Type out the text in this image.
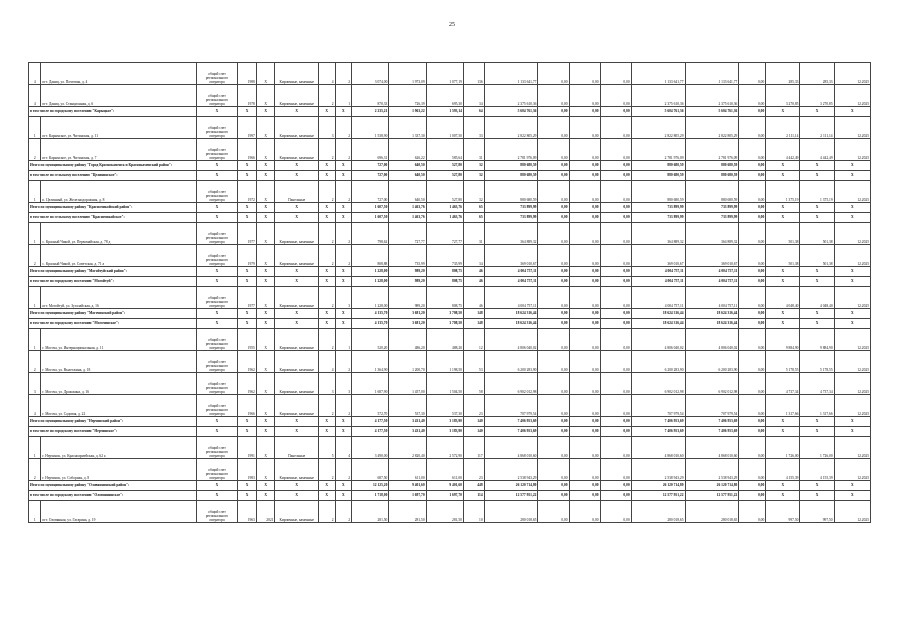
25
4	пгт. Даниц, ул. Почтовая, д. 4	общий счет регионального оператора	1988	X	Кирпичные, каменные	4	2	3 074,00	1 973,09	1 077,19	136	1 133 641,77	0,00	0,00	0,00	1 133 641,77	1 133 641,77	0,00	285,33	285,33	12.2025
4	пгт. Даниц, ул. Станционная, д. 6	общий счет регионального оператора	1978	X	Кирпичные, каменные	2	1	870,33	726,39	695,30	34	2 375 610,36	0,00	0,00	0,00	2 375 610,36	2 375 610,36	0,00	3 270,85	3 270,85	12.2025
в том числе по городскому поселению "Карыцкое":		X	X	X	X	X	X	2 235,21	1 963,22	1 593,14	64	5 604 761,36	0,00	0,00	0,00	5 604 761,36	5 604 761,36	0,00	X	X	X
1	пгт. Карымское, ул. Читинская, д. 11	общий счет регионального оператора	1997	X	Кирпичные, каменные	3	2	1 538,90	1 337,30	1 007,50	33	2 822 805,29	0,00	0,00	0,00	2 822 805,29	2 822 805,29	0,00	2 111,14	2 111,14	12.2025
2	пгт. Карымское, ул. Читинская, д. 7	общий счет регионального оператора	1966	X	Кирпичные, каменные	2	2	696,31	626,22	585,64	31	2 781 976,09	0,00	0,00	0,00	2 781 976,09	2 781 976,09	0,00	4 442,49	4 442,49	12.2025
Итого по муниципальному району "Город Краснокаменск и Краснокаменский район":		X	X	X	X	X	X	727,00	640,50	527,80	32	880 680,59	0,00	0,00	0,00	880 680,59	880 680,59	0,00	X	X	X
в том числе по сельскому поселению "Целининское":		X	X	X	X	X	X	727,00	640,50	527,80	32	880 680,59	0,00	0,00	0,00	880 680,59	880 680,59	0,00	X	X	X
1	п. Целинный, ул. Железнодорожная, д. 8	общий счет регионального оператора	1972	X	Панельные	2	2	727,00	640,50	527,80	32	880 680,59	0,00	0,00	0,00	880 680,59	880 680,59	0,00	1 375,19	1 375,19	12.2025
Итого по муниципальному району "Красночикойский район":		X	X	X	X	X	X	1 607,50	1 463,76	1 463,76	65	733 899,99	0,00	0,00	0,00	733 899,99	733 899,99	0,00	X	X	X
в том числе по сельскому поселению "Красночикойское":		X	X	X	X	X	X	1 607,50	1 463,76	1 463,76	65	733 899,99	0,00	0,00	0,00	733 899,99	733 899,99	0,00	X	X	X
1	с. Красный Чикой, ул. Первомайская, д. 78 д	общий счет регионального оператора	1977	X	Кирпичные, каменные	2	2	798,62	727,77	727,77	31	364 889,32	0,00	0,00	0,00	364 889,32	364 889,32	0,00	501,38	501,38	12.2025
2	с. Красный Чикой, ул. Советская, д. 71 а	общий счет регионального оператора	1979	X	Кирпичные, каменные	2	2	808,88	735,99	735,99	34	369 010,67	0,00	0,00	0,00	369 010,67	369 010,67	0,00	501,38	501,38	12.2025
Итого по муниципальному району "Могойтуйский район":		X	X	X	X	X	X	1 228,00	989,20	808,75	46	4 004 757,11	0,00	0,00	0,00	4 004 757,11	4 004 757,11	0,00	X	X	X
в том числе по городскому поселению "Могойтуй":		X	X	X	X	X	X	1 228,00	989,20	808,75	46	4 004 757,11	0,00	0,00	0,00	4 004 757,11	4 004 757,11	0,00	X	X	X
1	пгт. Могойтуй, ул. Зугалайская, д. 16	общий счет регионального оператора	1977	X	Кирпичные, каменные	2	3	1 228,00	989,20	808,75	46	4 004 757,11	0,00	0,00	0,00	4 004 757,11	4 004 757,11	0,00	4 048,40	4 048,40	12.2025
Итого по муниципальному району "Могочинский район":		X	X	X	X	X	X	4 135,70	3 681,20	3 708,50	148	18 624 316,44	0,00	0,00	0,00	18 624 316,44	18 624 316,44	0,00	X	X	X
в том числе по городскому поселению "Могочинское":		X	X	X	X	X	X	4 135,70	3 681,20	3 708,50	148	18 624 316,44	0,00	0,00	0,00	18 624 316,44	18 624 316,44	0,00	X	X	X
1	г. Могоча, ул. Интернациональная, д. 11	общий счет регионального оператора	1955	X	Кирпичные, каменные	2	1	520,20	486,20	488,20	12	4 806 040,02	0,00	0,00	0,00	4 806 040,02	4 806 040,02	0,00	9 884,90	9 884,90	12.2025
2	г. Могоча, ул. Вылегжина, д. 18	общий счет регионального оператора	1962	X	Кирпичные, каменные	4	2	1 364,90	1 200,70	1 198,50	53	6 200 283,90	0,00	0,00	0,00	6 200 283,90	6 200 283,90	0,00	5 178,55	5 178,55	12.2025
3	г. Могоча, ул. Дрожжина, д. 16	общий счет регионального оператора	1962	X	Кирпичные, каменные	3	3	1 687,90	1 457,00	1 504,50	58	6 902 012,98	0,00	0,00	0,00	6 902 012,98	6 902 012,98	0,00	4 737,34	4 737,34	12.2025
4	г. Могоча, ул. Садовая, д. 22	общий счет регионального оператора	1966	X	Кирпичные, каменные	2	2	572,70	537,30	537,30	23	707 979,54	0,00	0,00	0,00	707 979,54	707 979,54	0,00	1 317,66	1 317,66	12.2025
Итого по муниципальному району "Нерчинский район":		X	X	X	X	X	X	4 177,50	3 431,40	3 183,90	140	7 406 953,69	0,00	0,00	0,00	7 406 953,69	7 406 953,69	0,00	X	X	X
в том числе по городскому поселению "Нерчинское":		X	X	X	X	X	X	4 177,50	3 431,40	3 183,90	140	7 406 953,69	0,00	0,00	0,00	7 406 953,69	7 406 953,69	0,00	X	X	X
1	г. Нерчинск, ул. Красноармейская, д. 62 а	общий счет регионального оператора	1991	X	Панельные	5	4	3 490,00	2 820,40	2 572,90	117	4 868 010,60	0,00	0,00	0,00	4 868 010,60	4 868 010,60	0,00	1 726,00	1 726,00	12.2025
2	г. Нерчинск, ул. Соборная, д. 8	общий счет регионального оператора	1983	X	Кирпичные, каменные	2	2	687,50	611,00	611,00	23	2 538 943,29	0,00	0,00	0,00	2 538 943,29	2 538 943,29	0,00	4 155,39	4 155,39	12.2025
Итого по муниципальному району "Оловяннинский район":		X	X	X	X	X	X	12 125,20	9 401,60	9 401,60	448	26 120 714,80	0,00	0,00	0,00	26 120 714,80	26 120 714,80	0,00	X	X	X
в том числе по городскому поселению "Оловяннинское":		X	X	X	X	X	X	1 718,00	1 697,70	1 697,70	114	12 577 951,22	0,00	0,00	0,00	12 577 951,22	12 577 951,22	0,00	X	X	X
1	пгт. Оловянная, ул. Гагарина, д. 19	общий счет регионального оператора	1963	2021	Кирпичные, каменные	2	2	281,50	281,50	281,50	10	280 018,65	0,00	0,00	0,00	280 018,65	280 018,65	0,00	997,50	997,50	12.2025
